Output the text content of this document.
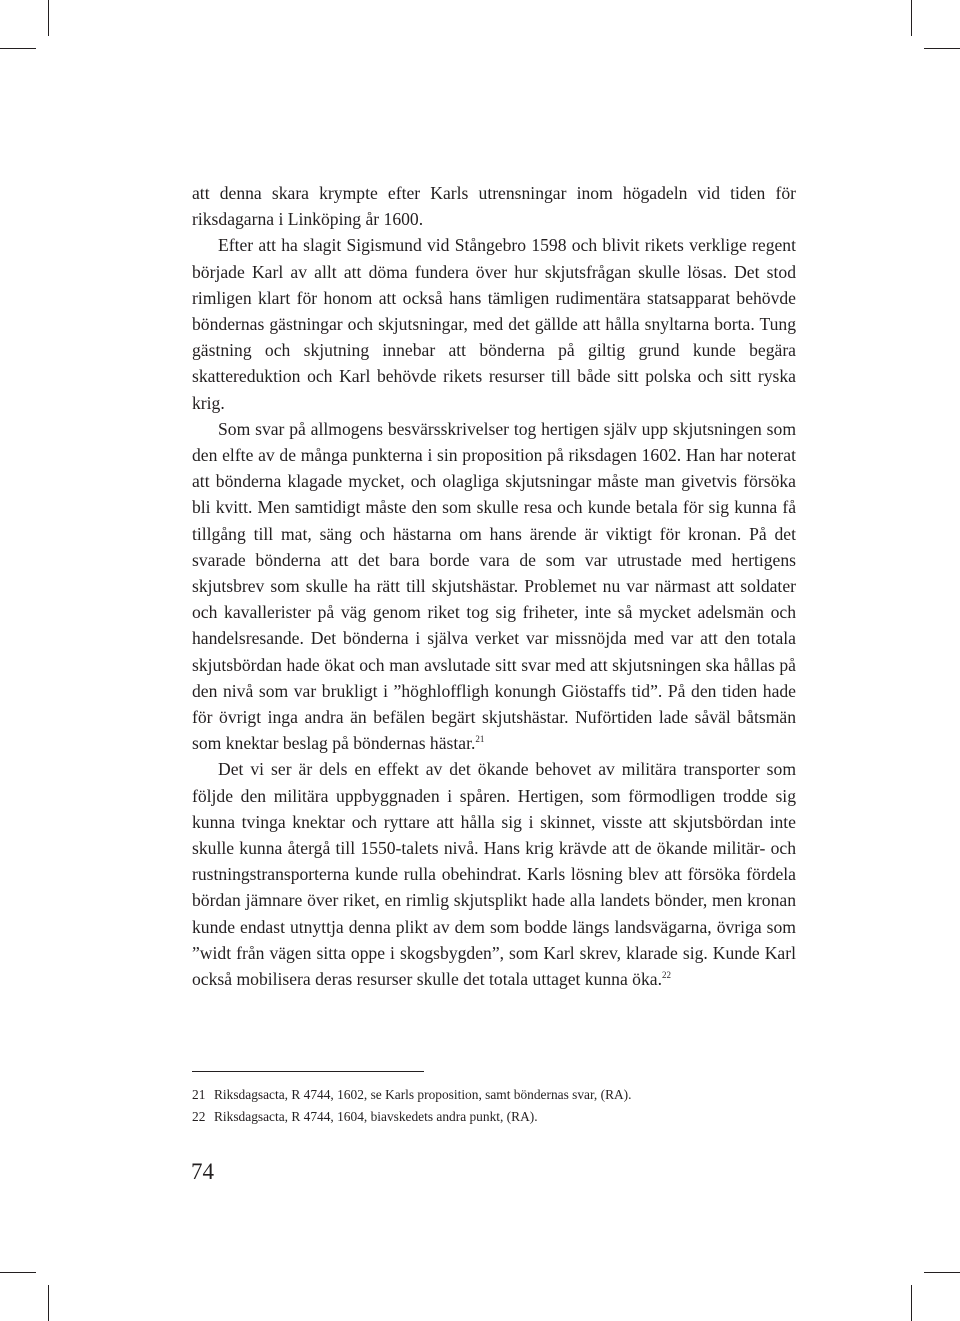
att denna skara krympte efter Karls utrensningar inom högadeln vid tiden för riksdagarna i Linköping år 1600.

Efter att ha slagit Sigismund vid Stångebro 1598 och blivit rikets verklige regent började Karl av allt att döma fundera över hur skjutsfrågan skulle lösas. Det stod rimligen klart för honom att också hans tämligen rudimentära statsapparat behövde böndernas gästningar och skjutsningar, med det gällde att hålla snyltarna borta. Tung gästning och skjutning innebar att bönderna på giltig grund kunde begära skattereduktion och Karl behövde rikets resurser till både sitt polska och sitt ryska krig.

Som svar på allmogens besvärsskrivelser tog hertigen själv upp skjutsningen som den elfte av de många punkterna i sin proposition på riksdagen 1602. Han har noterat att bönderna klagade mycket, och olagliga skjutsningar måste man givetvis försöka bli kvitt. Men samtidigt måste den som skulle resa och kunde betala för sig kunna få tillgång till mat, säng och hästarna om hans ärende är viktigt för kronan. På det svarade bönderna att det bara borde vara de som var utrustade med hertigens skjutsbrev som skulle ha rätt till skjutshästar. Problemet nu var närmast att soldater och kavallerister på väg genom riket tog sig friheter, inte så mycket adelsmän och handelsresande. Det bönderna i själva verket var missnöjda med var att den totala skjutsbördan hade ökat och man avslutade sitt svar med att skjutsningen ska hållas på den nivå som var brukligt i ”höghloffligh konungh Giöstaffs tid”. På den tiden hade för övrigt inga andra än befälen begärt skjutshästar. Nuförtiden lade såväl båtsmän som knektar beslag på böndernas hästar.$^{21}$

Det vi ser är dels en effekt av det ökande behovet av militära transporter som följde den militära uppbyggnaden i spåren. Hertigen, som förmodligen trodde sig kunna tvinga knektar och ryttare att hålla sig i skinnet, visste att skjutsbördan inte skulle kunna återgå till 1550-talets nivå. Hans krig krävde att de ökande militär- och rustningstransporterna kunde rulla obehindrat. Karls lösning blev att försöka fördela bördan jämnare över riket, en rimlig skjutsplikt hade alla landets bönder, men kronan kunde endast utnyttja denna plikt av dem som bodde längs landsvägarna, övriga som ”widt från vägen sitta oppe i skogsbygden”, som Karl skrev, klarade sig. Kunde Karl också mobilisera deras resurser skulle det totala uttaget kunna öka.$^{22}$

21 Riksdagsacta, R 4744, 1602, se Karls proposition, samt böndernas svar, (RA).
22 Riksdagsacta, R 4744, 1604, biavskedets andra punkt, (RA).
74
